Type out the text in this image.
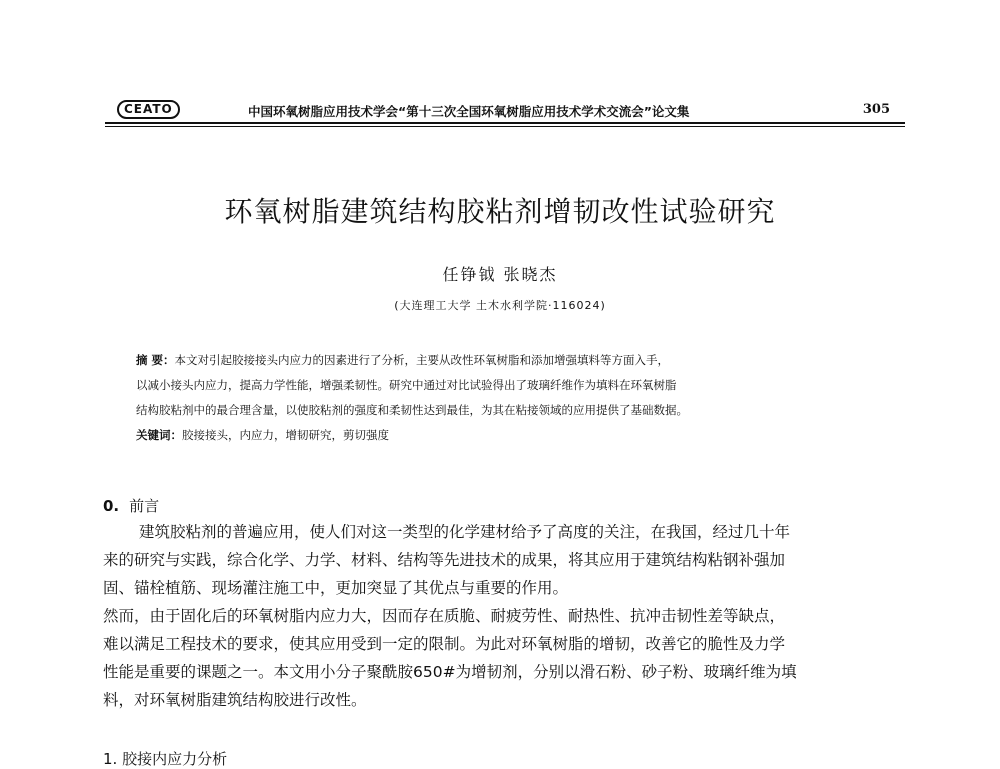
CEATO	中国环氧树脂应用技术学会“第十三次全国环氧树脂应用技术学术交流会”论文集	305
环氧树脂建筑结构胶粘剂增韧改性试验研究
任铮钺 张晓杰
(大连理工大学 土木水利学院·116024)
摘 要：本文对引起胶接接头内应力的因素进行了分析，主要从改性环氧树脂和添加增强填料等方面入手，
以减小接头内应力，提高力学性能，增强柔韧性。研究中通过对比试验得出了玻璃纤维作为填料在环氧树脂
结构胶粘剂中的最合理含量，以使胶粘剂的强度和柔韧性达到最佳，为其在粘接领域的应用提供了基础数据。
关键词：胶接接头，内应力，增韧研究，剪切强度
0. 前言
建筑胶粘剂的普遍应用，使人们对这一类型的化学建材给予了高度的关注，在我国，经过几十年
来的研究与实践，综合化学、力学、材料、结构等先进技术的成果，将其应用于建筑结构粘钢补强加
固、锚栓植筋、现场灌注施工中，更加突显了其优点与重要的作用。
然而，由于固化后的环氧树脂内应力大，因而存在质脆、耐疲劳性、耐热性、抗冲击韧性差等缺点，
难以满足工程技术的要求，使其应用受到一定的限制。为此对环氧树脂的增韧，改善它的脆性及力学
性能是重要的课题之一。本文用小分子聚酰胺650#为增韧剂，分别以滑石粉、砂子粉、玻璃纤维为填
料，对环氧树脂建筑结构胶进行改性。
1. 胶接内应力分析
